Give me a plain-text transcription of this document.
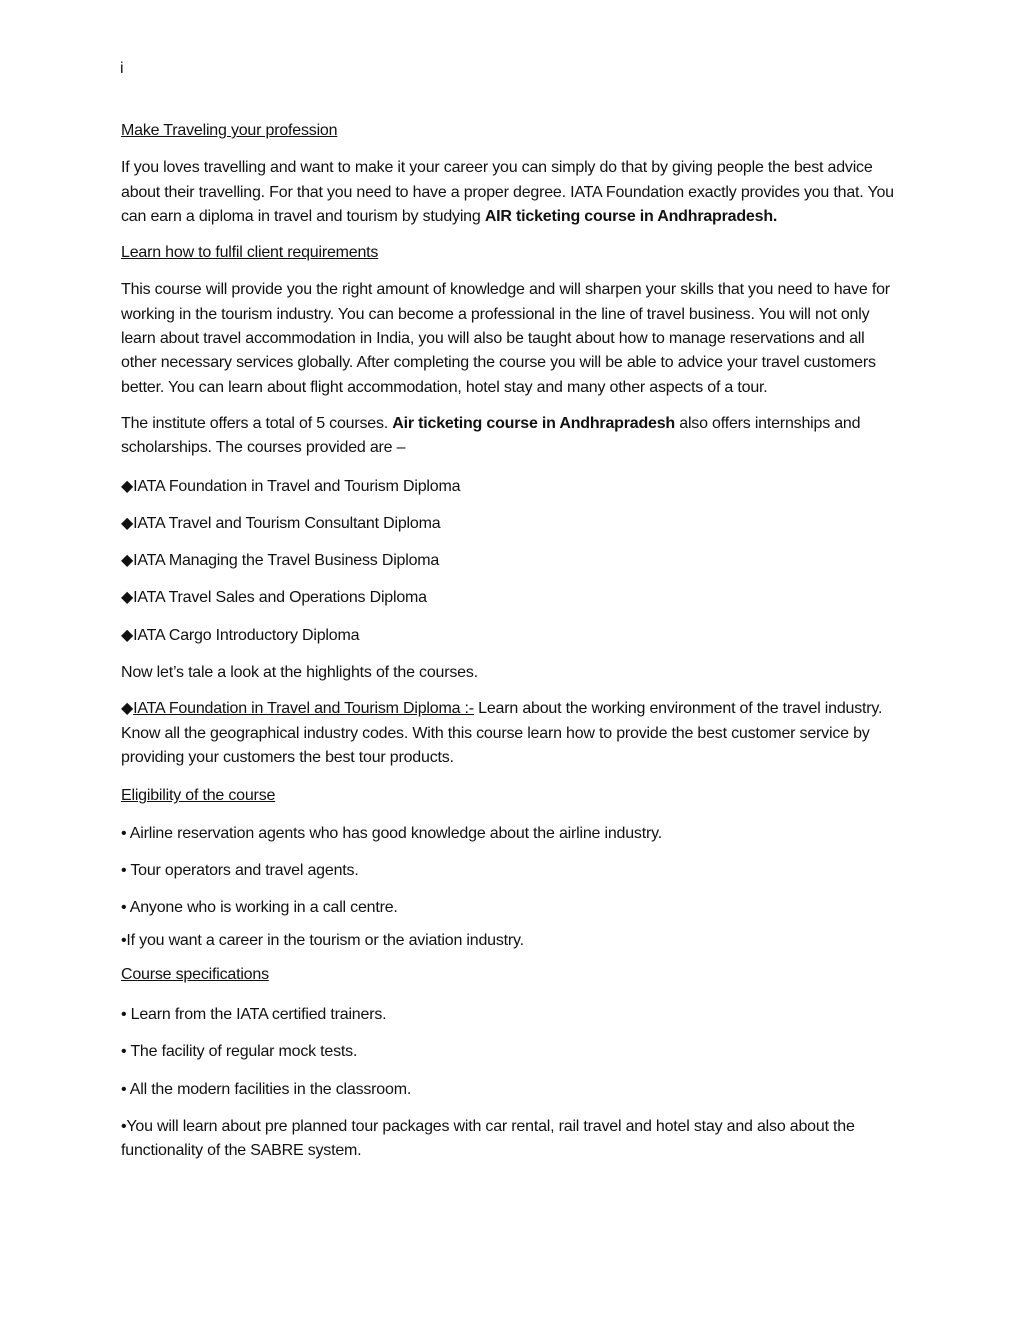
i

Make Traveling your profession

If you loves travelling and want to make it your career you can simply do that by giving people the best advice about their travelling. For that you need to have a proper degree. IATA Foundation exactly provides you that. You can earn a diploma in travel and tourism by studying AIR ticketing course in Andhrapradesh.

Learn how to fulfil client requirements

This course will provide you the right amount of knowledge and will sharpen your skills that you need to have for working in the tourism industry. You can become a professional in the line of travel business. You will not only learn about travel accommodation in India, you will also be taught about how to manage reservations and all other necessary services globally. After completing the course you will be able to advice your travel customers better. You can learn about flight accommodation, hotel stay and many other aspects of a tour.

The institute offers a total of 5 courses. Air ticketing course in Andhrapradesh also offers internships and scholarships. The courses provided are –

◆IATA Foundation in Travel and Tourism Diploma

◆IATA Travel and Tourism Consultant Diploma

◆IATA Managing the Travel Business Diploma

◆IATA Travel Sales and Operations Diploma

◆IATA Cargo Introductory Diploma

Now let’s tale a look at the highlights of the courses.

◆IATA Foundation in Travel and Tourism Diploma :- Learn about the working environment of the travel industry. Know all the geographical industry codes. With this course learn how to provide the best customer service by providing your customers the best tour products.

Eligibility of the course

• Airline reservation agents who has good knowledge about the airline industry.

• Tour operators and travel agents.

• Anyone who is working in a call centre.

•If you want a career in the tourism or the aviation industry.

Course specifications

• Learn from the IATA certified trainers.

• The facility of regular mock tests.

• All the modern facilities in the classroom.

•You will learn about pre planned tour packages with car rental, rail travel and hotel stay and also about the functionality of the SABRE system.
